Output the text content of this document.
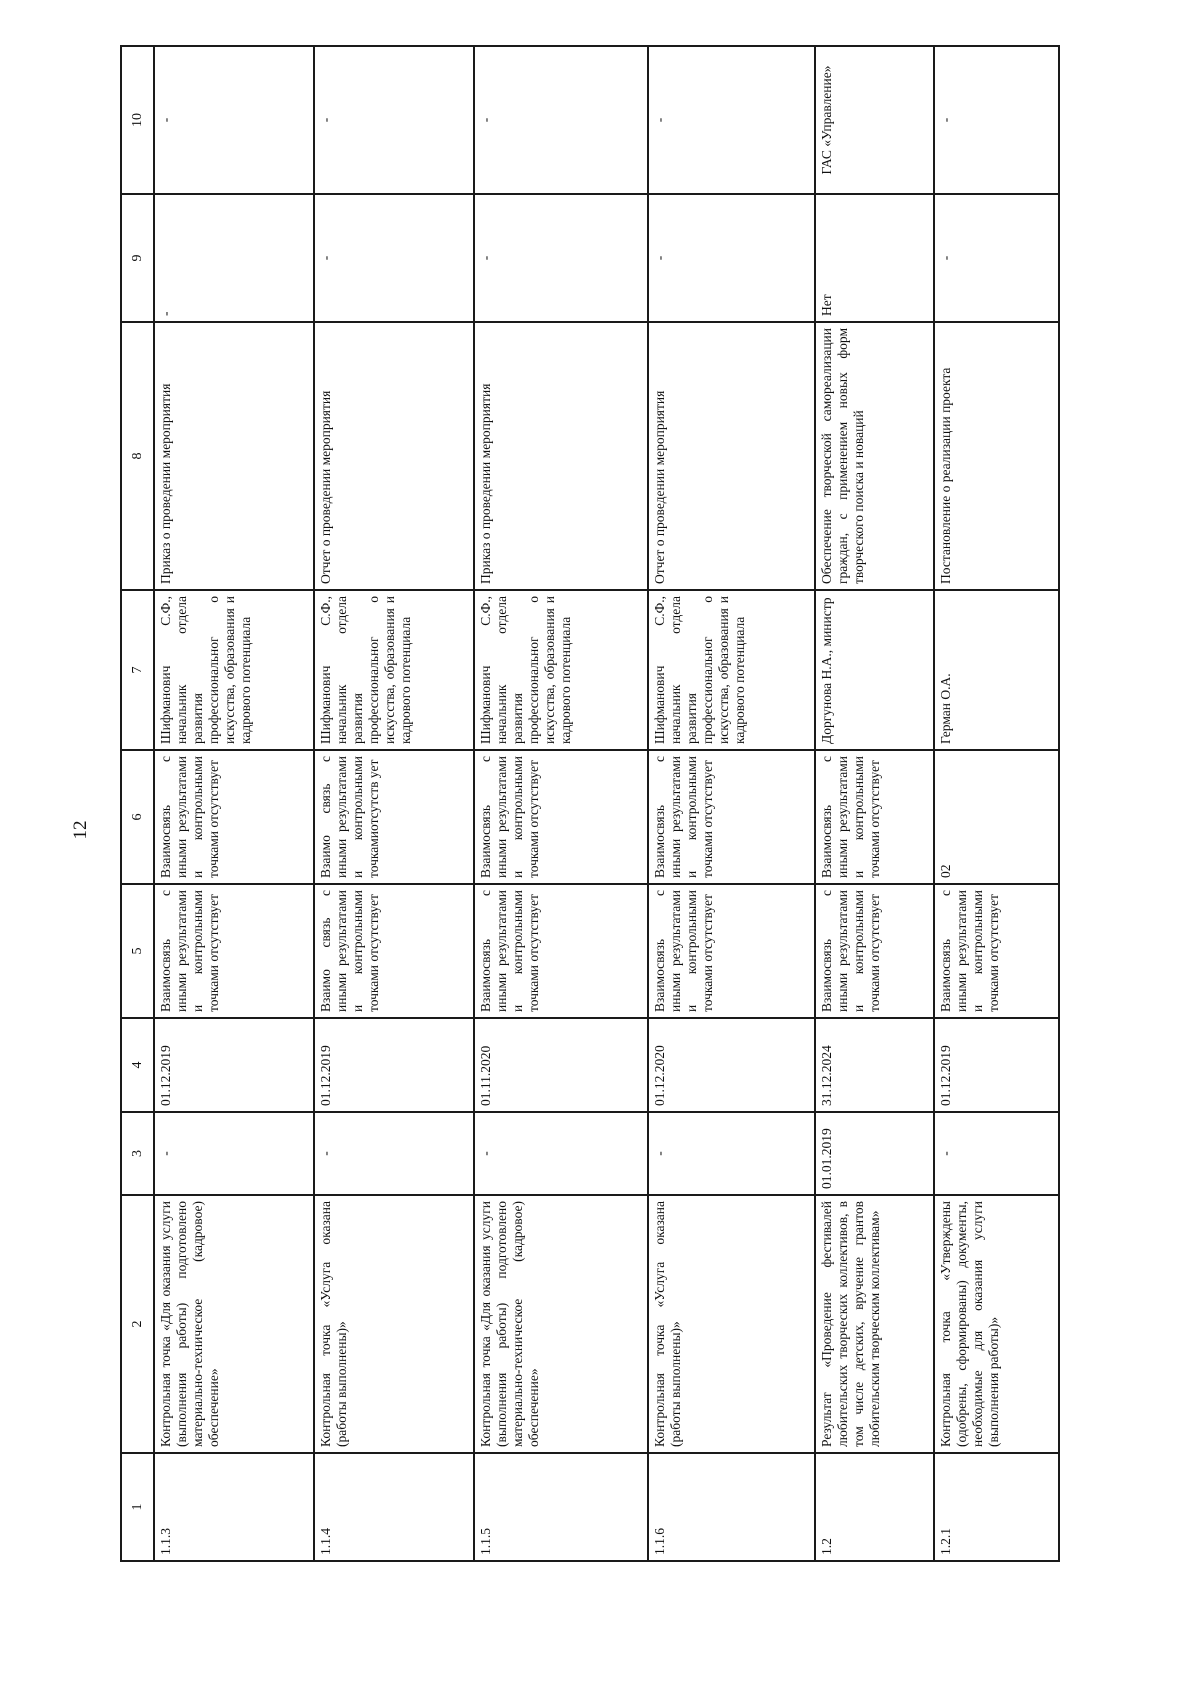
12
1	2	3	4	5	6	7	8	9	10
1.1.3	Контрольная точка «Для оказания услуги (выполнения работы) подготовлено материально-техническое (кадровое) обеспечение»	-	01.12.2019	Взаимосвязь с иными результатами и контрольными точками отсутствует	Взаимосвязь с иными результатами и контрольными точками отсутствует	Шифманович С.Ф., начальник отдела развития профессиональног о искусства, образования и кадрового потенциала	Приказ о проведении мероприятия	-	-
1.1.4	Контрольная точка «Услуга оказана (работы выполнены)»	-	01.12.2019	Взаимо связь с иными результатами и контрольными точками отсутствует	Взаимо связь с иными результатами и контрольными точкамиотсутств ует	Шифманович С.Ф., начальник отдела развития профессиональног о искусства, образования и кадрового потенциала	Отчет о проведении мероприятия	-	-
1.1.5	Контрольная точка «Для оказания услуги (выполнения работы) подготовлено материально-техническое (кадровое) обеспечение»	-	01.11.2020	Взаимосвязь с иными результатами и контрольными точками отсутствует	Взаимосвязь с иными результатами и контрольными точками отсутствует	Шифманович С.Ф., начальник отдела развития профессиональног о искусства, образования и кадрового потенциала	Приказ о проведении мероприятия	-	-
1.1.6	Контрольная точка «Услуга оказана (работы выполнены)»	-	01.12.2020	Взаимосвязь с иными результатами и контрольными точками отсутствует	Взаимосвязь с иными результатами и контрольными точками отсутствует	Шифманович С.Ф., начальник отдела развития профессиональног о искусства, образования и кадрового потенциала	Отчет о проведении мероприятия	-	-
1.2	Результат «Проведение фестивалей любительских творческих коллективов, в том числе детских, вручение грантов любительским творческим коллективам»	01.01.2019	31.12.2024	Взаимосвязь с иными результатами и контрольными точками отсутствует	Взаимосвязь с иными результатами и контрольными точками отсутствует	Доргунова Н.А., министр	Обеспечение творческой самореализации граждан, с применением новых форм творческого поиска и новаций	Нет	ГАС «Управление»
1.2.1	Контрольная точка «Утверждены (одобрены, сформированы) документы, необходимые для оказания услуги (выполнения работы)»	-	01.12.2019	Взаимосвязь с иными результатами и контрольными точками отсутствует	02	Герман О.А.	Постановление о реализации проекта	-	-
